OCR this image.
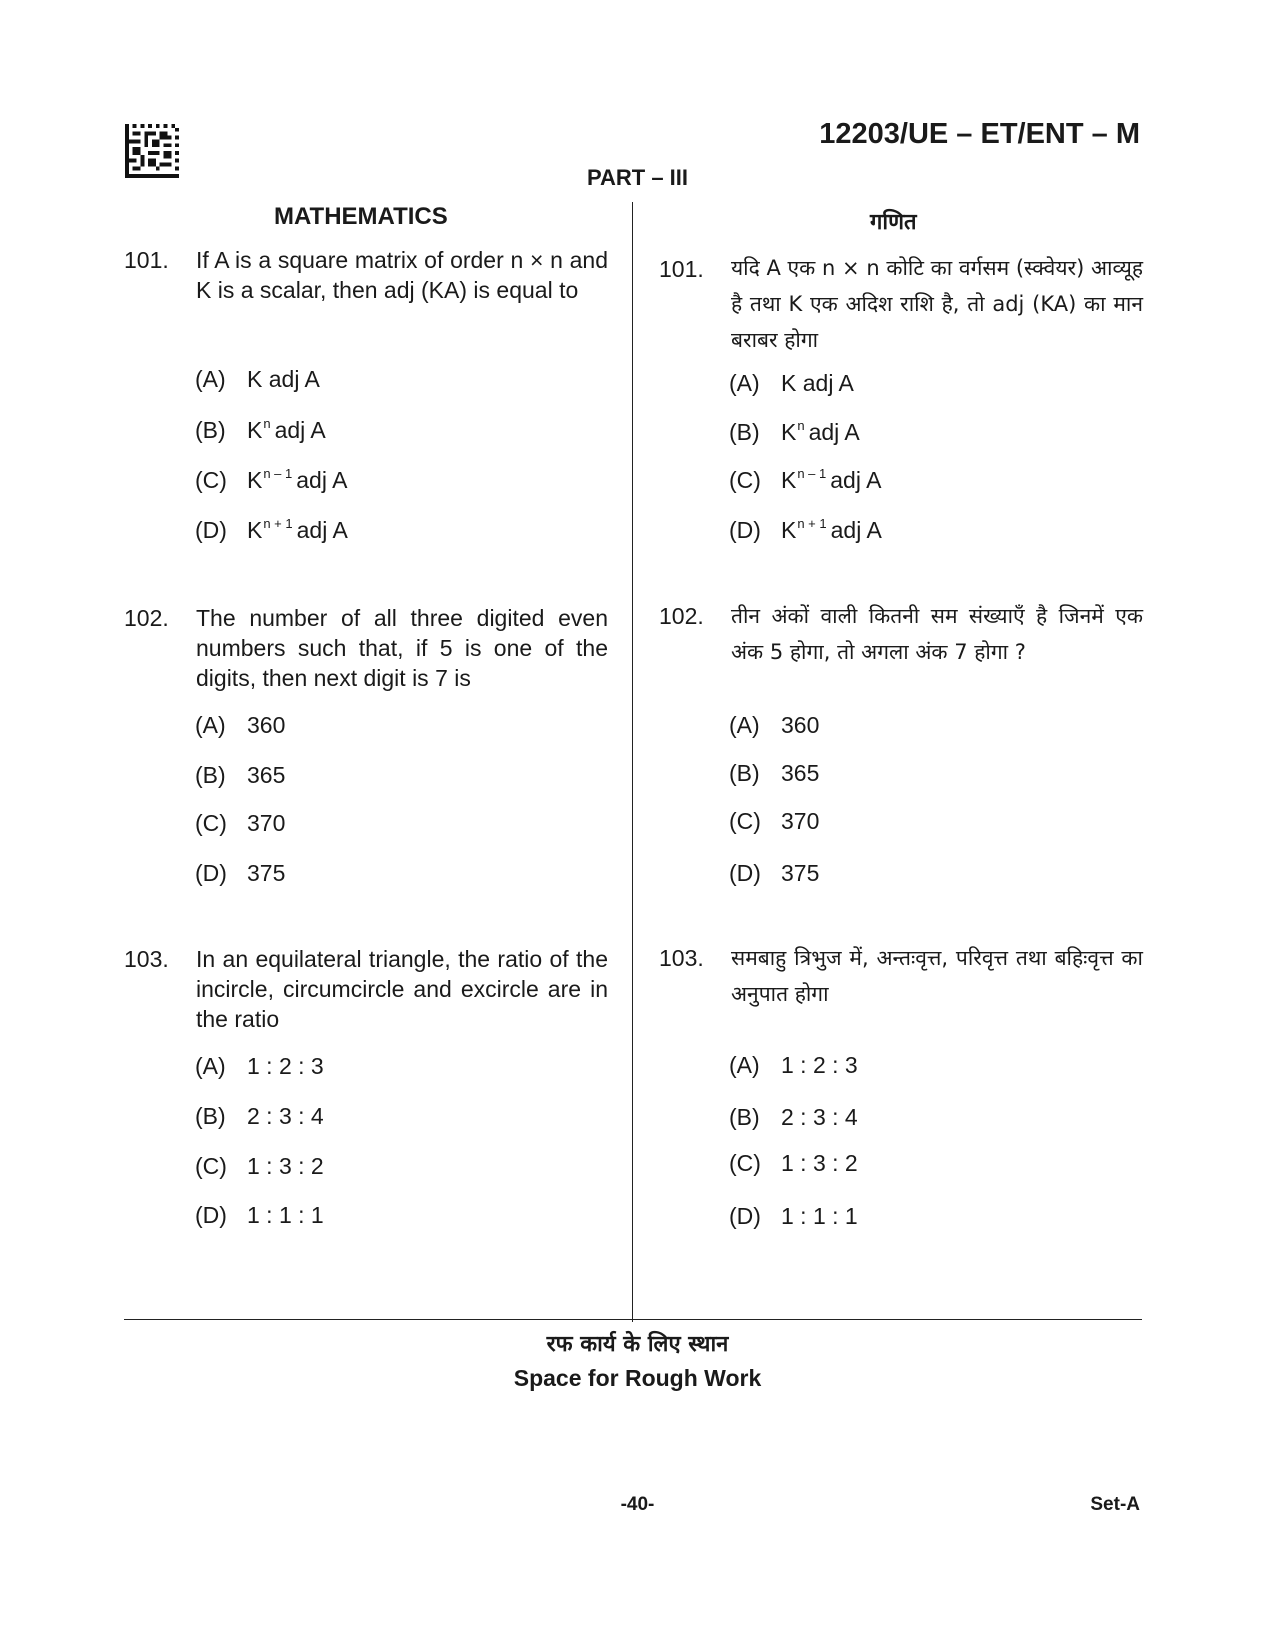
12203/UE – ET/ENT – M
PART – III
MATHEMATICS	गणित
101. If A is a square matrix of order n × n and K is a scalar, then adj (KA) is equal to
(A) K adj A
(B) $K^n$ adj A
(C) $K^{n - 1}$ adj A
(D) $K^{n + 1}$ adj A
102. The number of all three digited even numbers such that, if 5 is one of the digits, then next digit is 7 is
(A) 360
(B) 365
(C) 370
(D) 375
103. In an equilateral triangle, the ratio of the incircle, circumcircle and excircle are in the ratio
(A) 1 : 2 : 3
(B) 2 : 3 : 4
(C) 1 : 3 : 2
(D) 1 : 1 : 1
101. यदि A एक n × n कोटि का वर्गसम (स्क्वेयर) आव्यूह है तथा K एक अदिश राशि है, तो adj (KA) का मान बराबर होगा
(A) K adj A
(B) $K^n$ adj A
(C) $K^{n - 1}$ adj A
(D) $K^{n + 1}$ adj A
102. तीन अंकों वाली कितनी सम संख्याएँ है जिनमें एक अंक 5 होगा, तो अगला अंक 7 होगा ?
(A) 360
(B) 365
(C) 370
(D) 375
103. समबाहु त्रिभुज में, अन्तःवृत्त, परिवृत्त तथा बहिःवृत्त का अनुपात होगा
(A) 1 : 2 : 3
(B) 2 : 3 : 4
(C) 1 : 3 : 2
(D) 1 : 1 : 1
रफ कार्य के लिए स्थान
Space for Rough Work
-40-	Set-A
